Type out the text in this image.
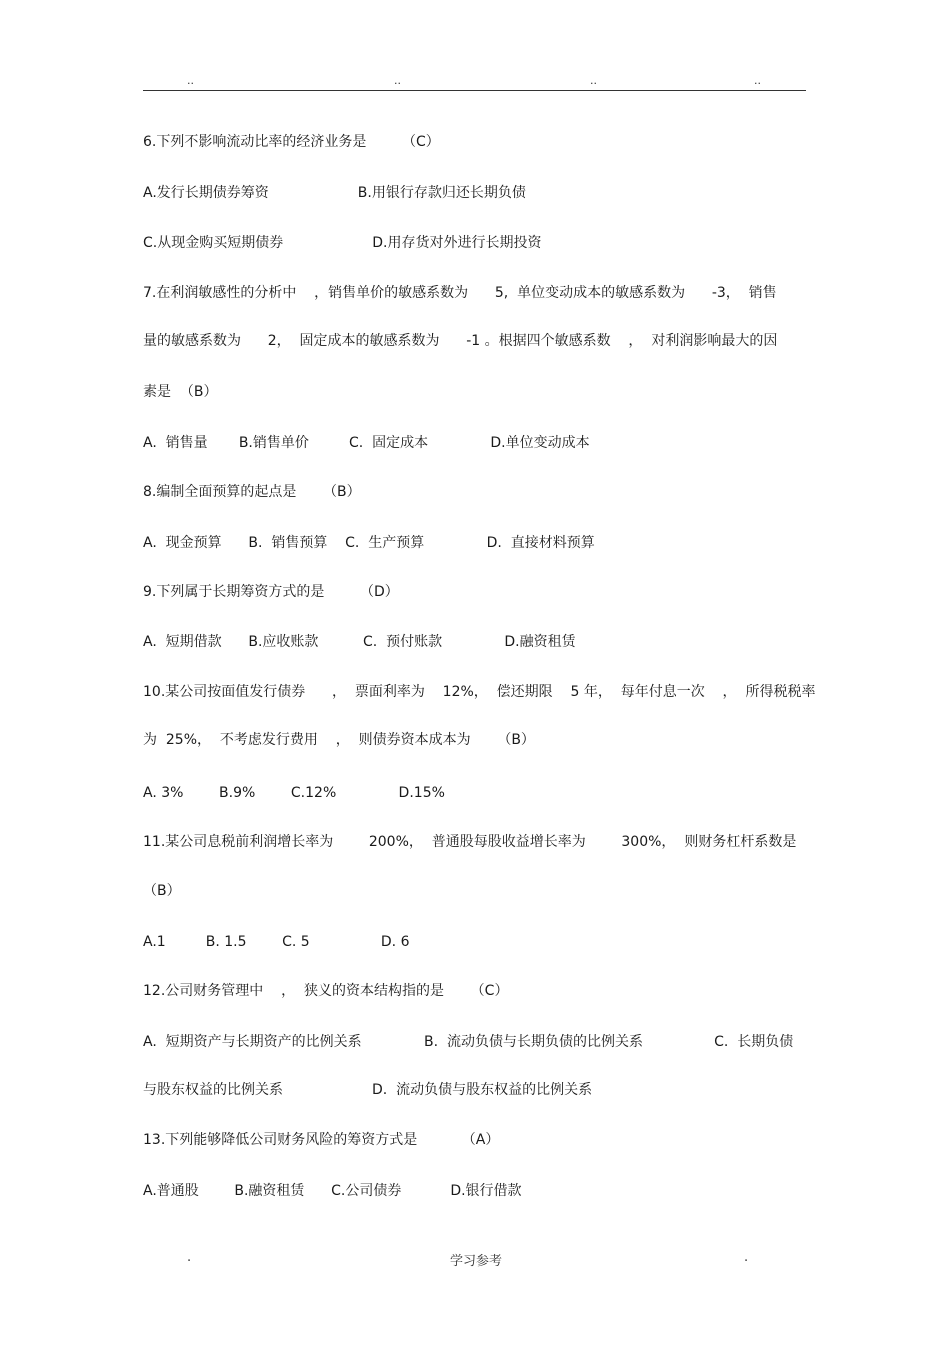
..	..	..	..
6.下列不影响流动比率的经济业务是        （C）
A.发行长期债券筹资                    B.用银行存款归还长期负债
C.从现金购买短期债券                    D.用存货对外进行长期投资
7.在利润敏感性的分析中    ，销售单价的敏感系数为      5,  单位变动成本的敏感系数为      -3，  销售
量的敏感系数为      2，  固定成本的敏感系数为      -1 。根据四个敏感系数    ，  对利润影响最大的因
素是  （B）
A.  销售量       B.销售单价         C.  固定成本              D.单位变动成本
8.编制全面预算的起点是      （B）
A.  现金预算      B.  销售预算    C.  生产预算              D.  直接材料预算
9.下列属于长期筹资方式的是        （D）
A.  短期借款      B.应收账款          C.  预付账款              D.融资租赁
10.某公司按面值发行债券      ，  票面利率为    12%，  偿还期限    5 年，  每年付息一次    ，  所得税税率
为  25%，  不考虑发行费用    ，  则债券资本成本为      （B）
A. 3%        B.9%        C.12%              D.15%
11.某公司息税前利润增长率为        200%，  普通股每股收益增长率为        300%，  则财务杠杆系数是
（B）
A.1         B. 1.5        C. 5                D. 6
12.公司财务管理中    ，  狭义的资本结构指的是      （C）
A.  短期资产与长期资产的比例关系              B.  流动负债与长期负债的比例关系                C.  长期负债
与股东权益的比例关系                    D.  流动负债与股东权益的比例关系
13.下列能够降低公司财务风险的筹资方式是          （A）
A.普通股        B.融资租赁      C.公司债券           D.银行借款
.	学习参考	.
